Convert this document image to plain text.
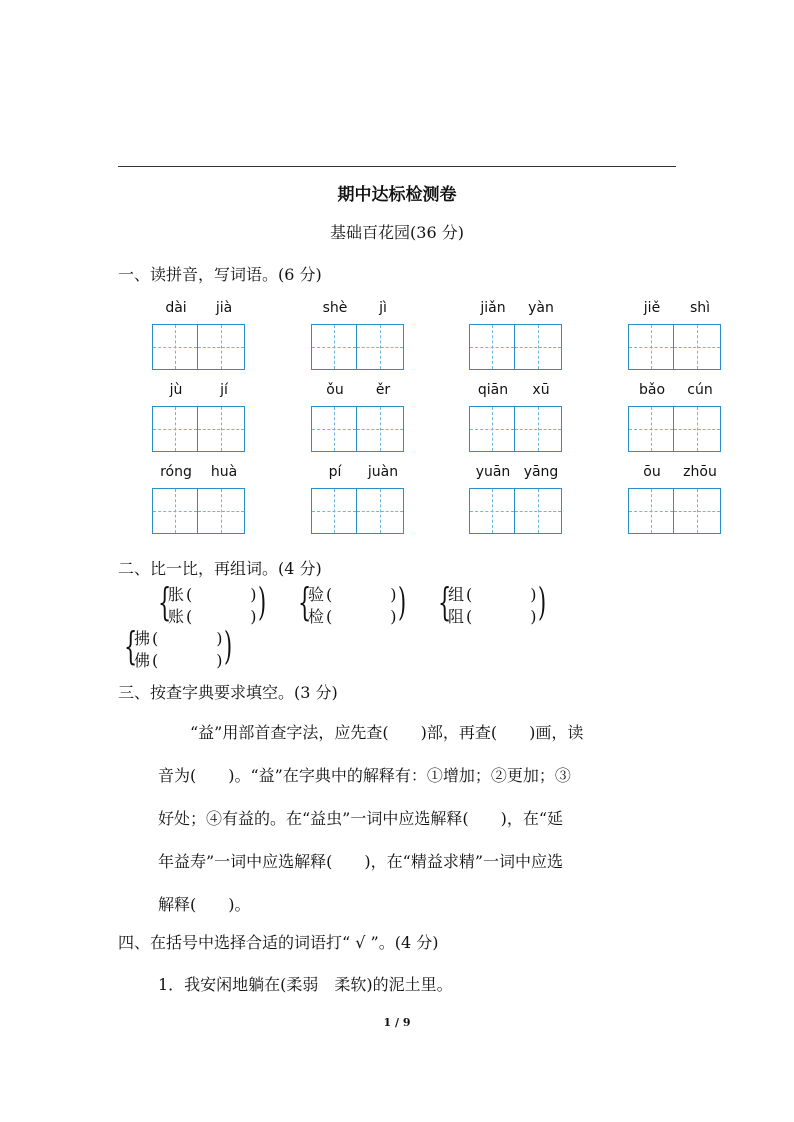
期中达标检测卷
基础百花园(36 分)
一、读拼音，写词语。(6 分)
dài	jià	shè	jì	jiǎn	yàn	jiě	shì
jù	jí	ǒu	ěr	qiān	xū	bǎo	cún
róng	huà	pí	juàn	yuān yāng	ōu	zhōu
二、比一比，再组词。(4 分)
{
胀 (	)
账 (	) ) {
验 (	)
检 (	) ) {
组 (	)
阻 (	) )
{
拂 (	)
佛 (	) )
三、按查字典要求填空。(3 分)
“益”用部首查字法，应先查(　　)部，再查(　　)画，读
音为(　　)。“益”在字典中的解释有：①增加；②更加；③
好处；④有益的。在“益虫”一词中应选解释(　　)，在“延
年益寿”一词中应选解释(　　)，在“精益求精”一词中应选
解释(　　)。
四、在括号中选择合适的词语打“ √ ”。(4 分)
1．我安闲地躺在(柔弱　柔软)的泥土里。
1 / 9
